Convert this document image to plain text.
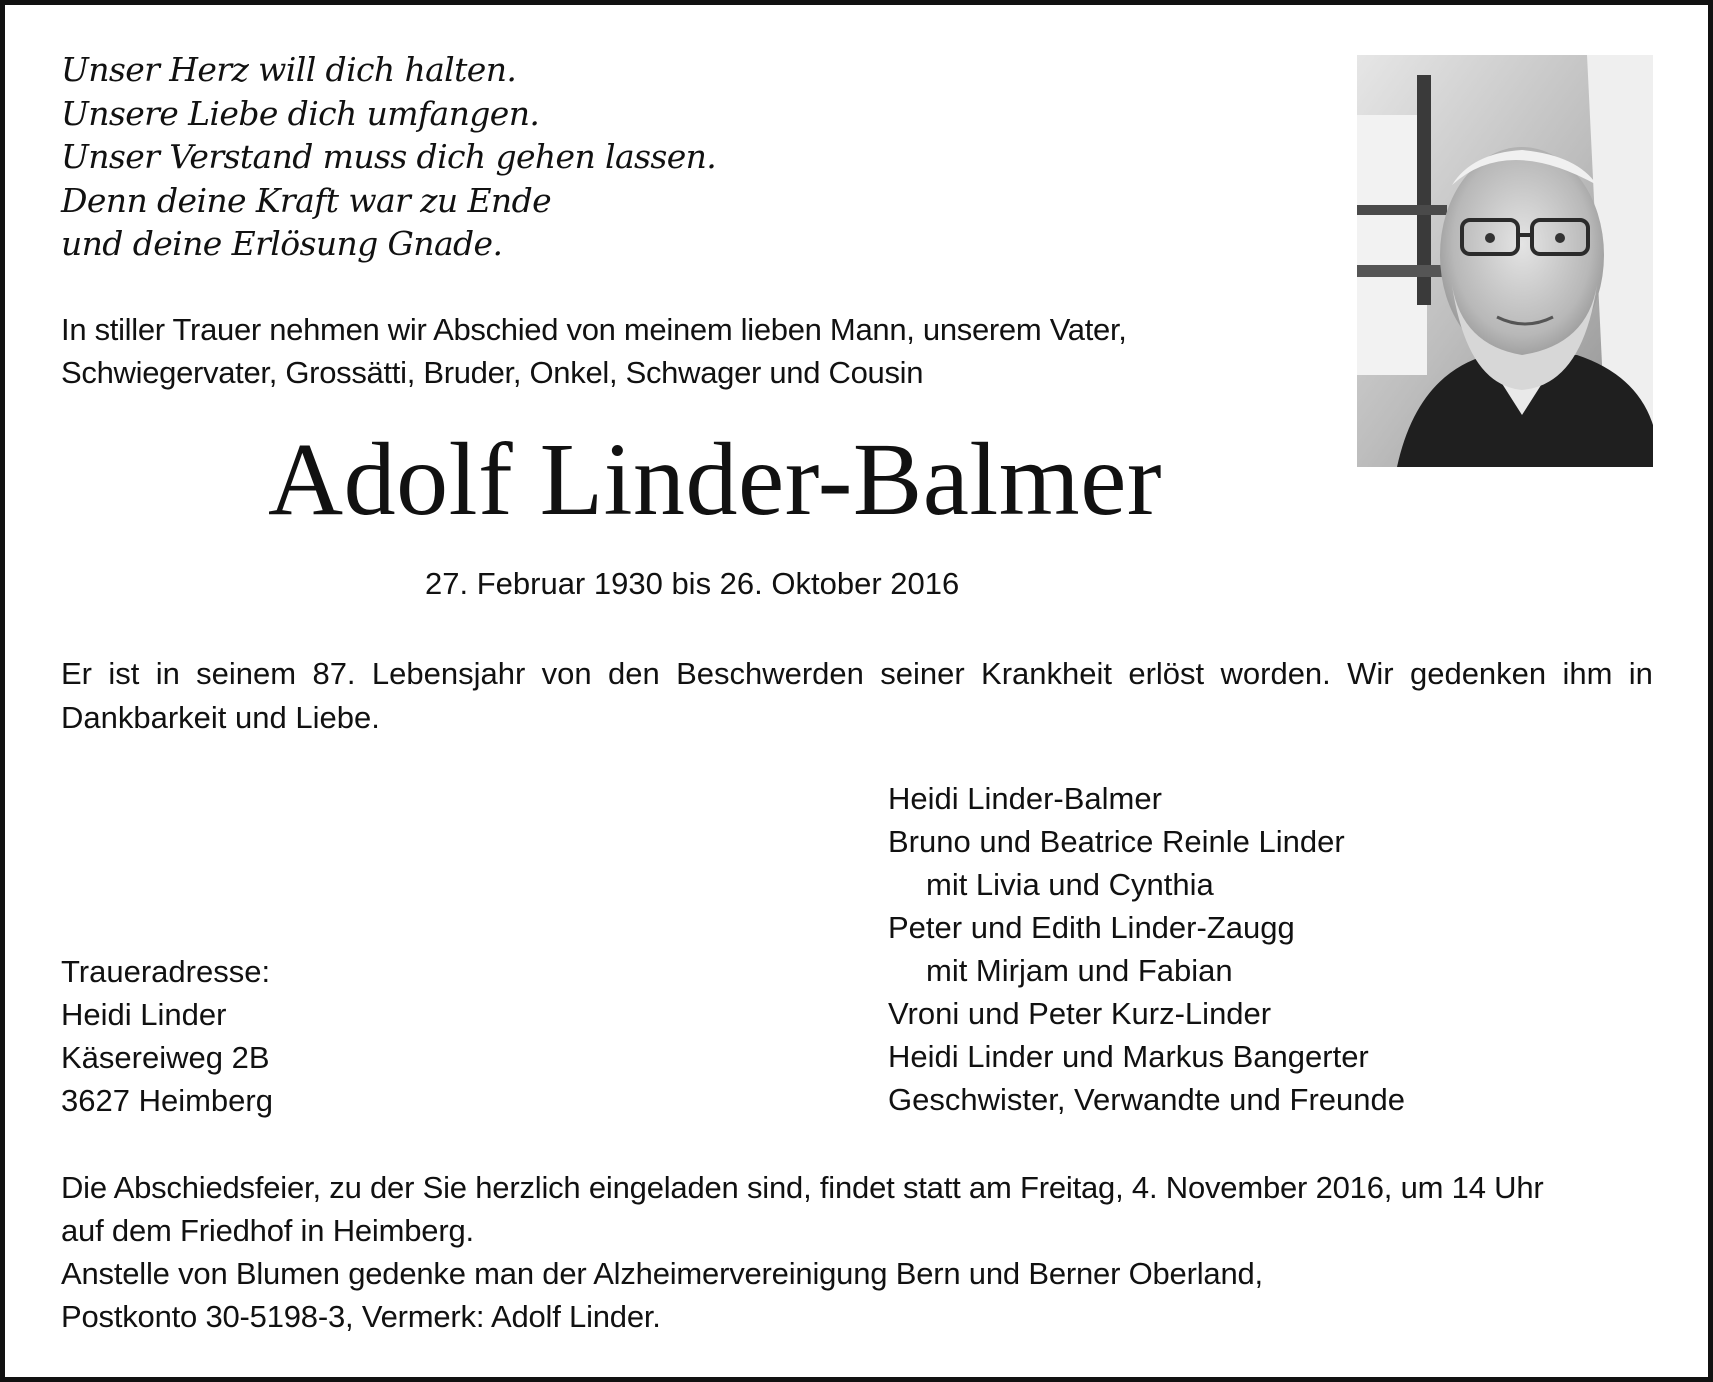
Unser Herz will dich halten.
Unsere Liebe dich umfangen.
Unser Verstand muss dich gehen lassen.
Denn deine Kraft war zu Ende
und deine Erlösung Gnade.
In stiller Trauer nehmen wir Abschied von meinem lieben Mann, unserem Vater,
Schwiegervater, Grossätti, Bruder, Onkel, Schwager und Cousin
Adolf Linder-Balmer
27. Februar 1930 bis 26. Oktober 2016
Er ist in seinem 87. Lebensjahr von den Beschwerden seiner Krankheit erlöst worden. Wir gedenken ihm in
Dankbarkeit und Liebe.
Heidi Linder-Balmer
Bruno und Beatrice Reinle Linder
mit Livia und Cynthia
Peter und Edith Linder-Zaugg
mit Mirjam und Fabian
Vroni und Peter Kurz-Linder
Heidi Linder und Markus Bangerter
Geschwister, Verwandte und Freunde
Traueradresse:
Heidi Linder
Käsereiweg 2B
3627 Heimberg
Die Abschiedsfeier, zu der Sie herzlich eingeladen sind, findet statt am Freitag, 4. November 2016, um 14 Uhr
auf dem Friedhof in Heimberg.
Anstelle von Blumen gedenke man der Alzheimervereinigung Bern und Berner Oberland,
Postkonto 30-5198-3, Vermerk: Adolf Linder.
